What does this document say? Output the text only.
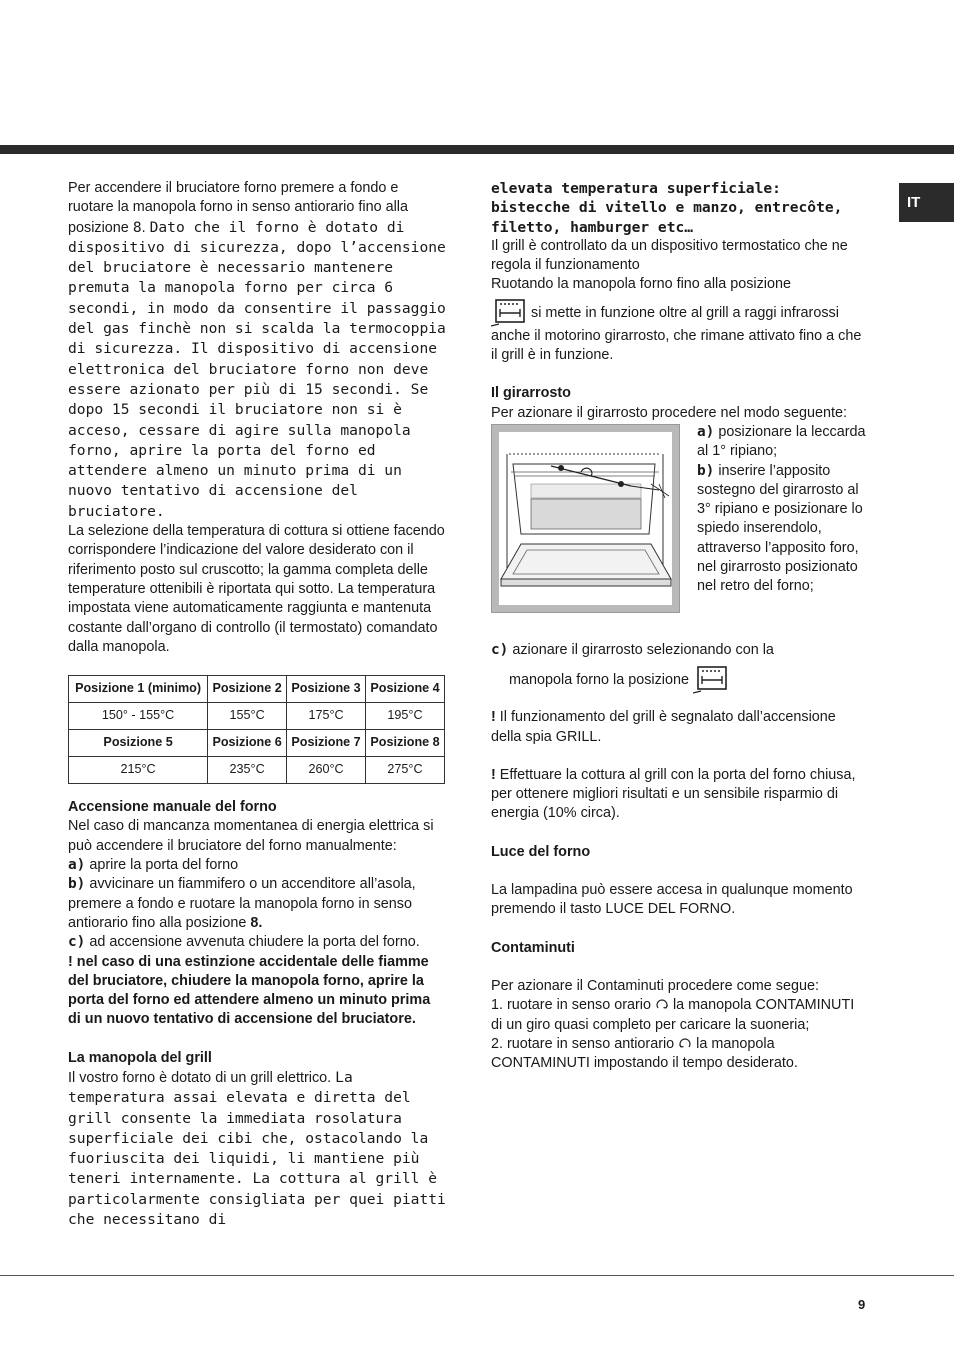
IT

Per accendere il bruciatore forno premere a fondo e ruotare la manopola forno in senso antiorario fino alla posizione 8. Dato che il forno è dotato di dispositivo di sicurezza, dopo l’accensione del bruciatore è necessario mantenere premuta la manopola forno per circa 6 secondi, in modo da consentire il passaggio del gas finchè non si scalda la termocoppia di sicurezza. Il dispositivo di accensione elettronica del bruciatore forno non deve essere azionato per più di 15 secondi. Se dopo 15 secondi il bruciatore non si è acceso, cessare di agire sulla manopola forno, aprire la porta del forno ed attendere almeno un minuto prima di un nuovo tentativo di accensione del bruciatore.

La selezione della temperatura di cottura si ottiene facendo corrispondere l’indicazione del valore desiderato con il riferimento posto sul cruscotto; la gamma completa delle temperature ottenibili è riportata qui sotto. La temperatura impostata viene automaticamente raggiunta e mantenuta costante dall’organo di controllo (il termostato) comandato dalla manopola.

Posizione 1 (minimo)	Posizione 2	Posizione 3	Posizione 4
150° - 155°C	155°C	175°C	195°C
Posizione 5	Posizione 6	Posizione 7	Posizione 8
215°C	235°C	260°C	275°C

Accensione manuale del forno

Nel caso di mancanza momentanea di energia elettrica si può accendere il bruciatore del forno manualmente:

a) aprire la porta del forno

b) avvicinare un fiammifero o un accenditore all’asola, premere a fondo e ruotare la manopola forno in senso antiorario fino alla posizione 8.

c) ad accensione avvenuta chiudere la porta del forno.

! nel caso di una estinzione accidentale delle fiamme del bruciatore, chiudere la manopola forno, aprire la porta del forno ed attendere almeno un minuto prima di un nuovo tentativo di accensione del bruciatore.

La manopola del grill

Il vostro forno è dotato di un grill elettrico. La temperatura assai elevata e diretta del grill consente la immediata rosolatura superficiale dei cibi che, ostacolando la fuoriuscita dei liquidi, li mantiene più teneri internamente. La cottura al grill è particolarmente consigliata per quei piatti che necessitano di

elevata temperatura superficiale: bistecche di vitello e manzo, entrecôte, filetto, hamburger etc…

Il grill è controllato da un dispositivo termostatico che ne regola il funzionamento

Ruotando la manopola forno fino alla posizione

si mette in funzione oltre al grill a raggi infrarossi anche il motorino girarrosto, che rimane attivato fino a che il grill è in funzione.

Il girarrosto

Per azionare il girarrosto procedere nel modo seguente:

a) posizionare la leccarda al 1° ripiano;

b) inserire l’apposito sostegno del girarrosto al 3° ripiano e posizionare lo spiedo inserendolo, attraverso l’apposito foro, nel girarrosto posizionato nel retro del forno;

c) azionare il girarrosto selezionando con la

manopola forno la posizione

! Il funzionamento del grill è segnalato dall’accensione della spia GRILL.

! Effettuare la cottura al grill con la porta del forno chiusa, per ottenere migliori risultati e un sensibile risparmio di energia (10% circa).

Luce del forno

La lampadina può essere accesa in qualunque momento premendo il tasto LUCE DEL FORNO.

Contaminuti

Per azionare il Contaminuti procedere come segue:

1. ruotare in senso orario  la manopola CONTAMINUTI di un giro quasi completo per caricare la suoneria;

2. ruotare in senso antiorario  la manopola CONTAMINUTI impostando il tempo desiderato.

9
